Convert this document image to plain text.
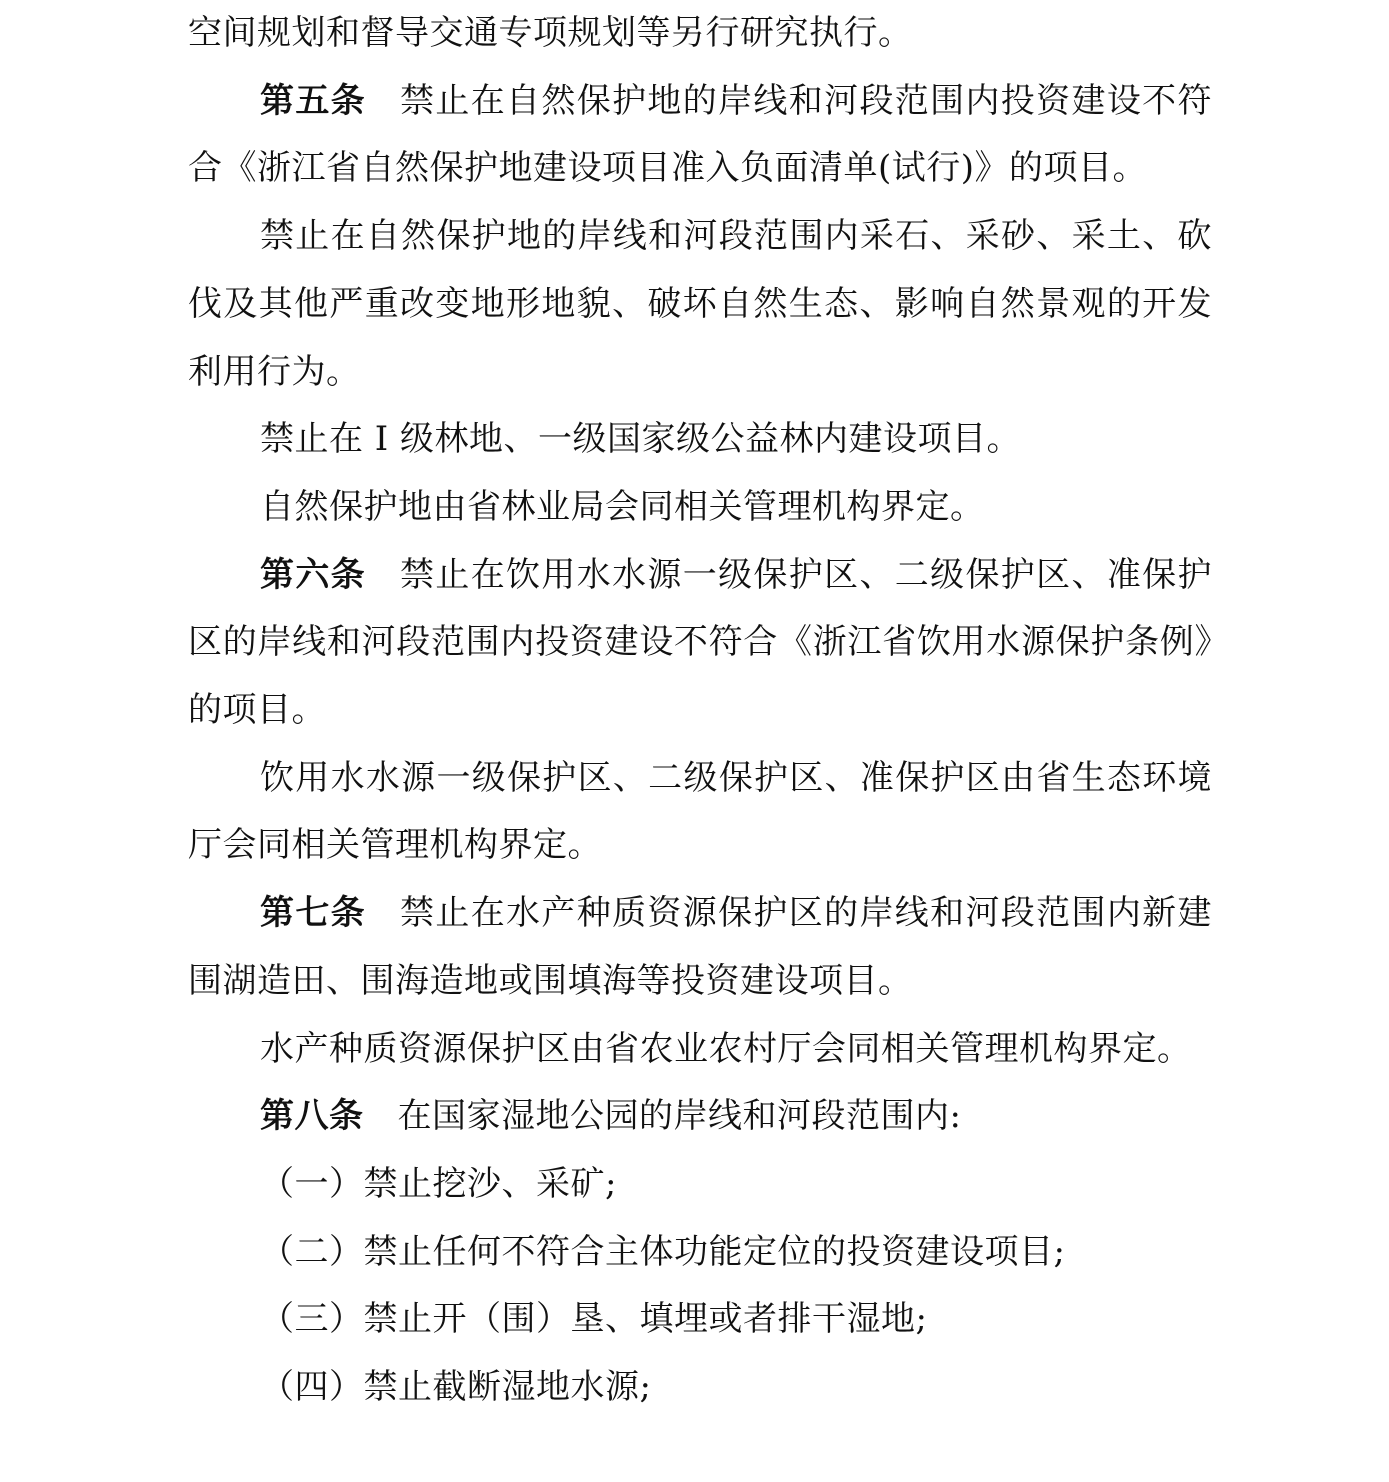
空间规划和督导交通专项规划等另行研究执行。

第五条 禁止在自然保护地的岸线和河段范围内投资建设不符合《浙江省自然保护地建设项目准入负面清单(试行)》的项目。

禁止在自然保护地的岸线和河段范围内采石、采砂、采土、砍伐及其他严重改变地形地貌、破坏自然生态、影响自然景观的开发利用行为。

禁止在 I 级林地、一级国家级公益林内建设项目。

自然保护地由省林业局会同相关管理机构界定。

第六条 禁止在饮用水水源一级保护区、二级保护区、准保护区的岸线和河段范围内投资建设不符合《浙江省饮用水源保护条例》的项目。

饮用水水源一级保护区、二级保护区、准保护区由省生态环境厅会同相关管理机构界定。

第七条 禁止在水产种质资源保护区的岸线和河段范围内新建围湖造田、围海造地或围填海等投资建设项目。

水产种质资源保护区由省农业农村厅会同相关管理机构界定。

第八条 在国家湿地公园的岸线和河段范围内:

（一）禁止挖沙、采矿;

（二）禁止任何不符合主体功能定位的投资建设项目;

（三）禁止开（围）垦、填埋或者排干湿地;

（四）禁止截断湿地水源;
